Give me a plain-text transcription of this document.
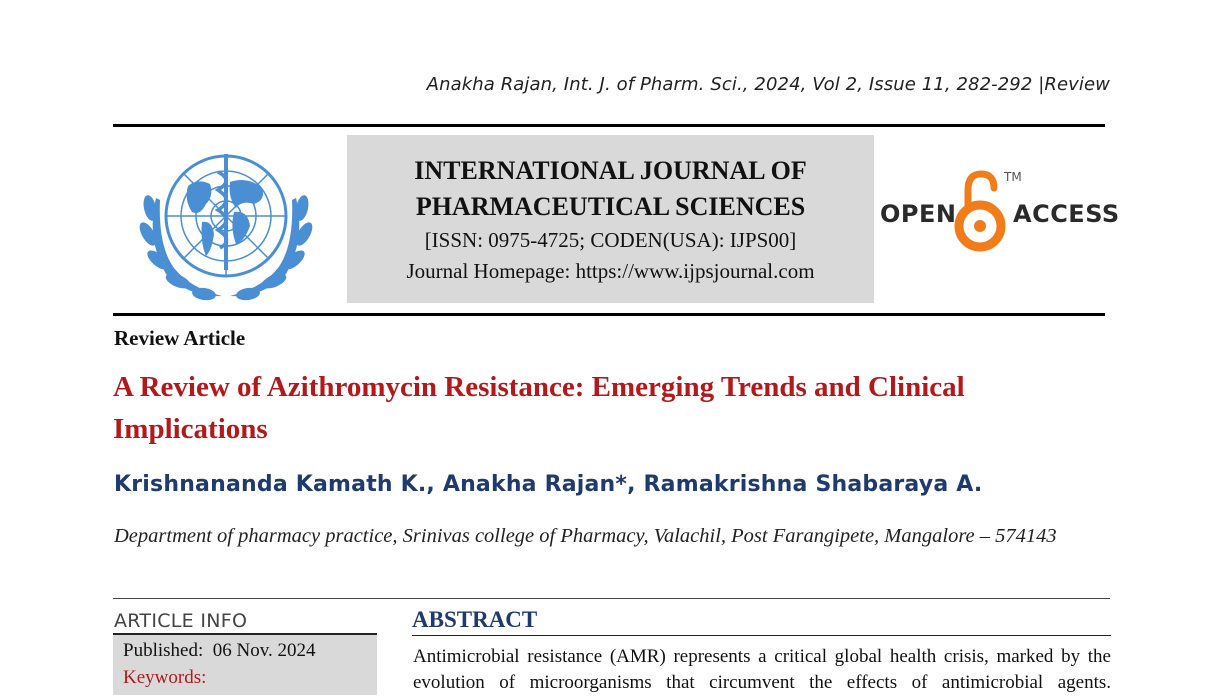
Anakha Rajan, Int. J. of Pharm. Sci., 2024, Vol 2, Issue 11, 282-292 |Review
INTERNATIONAL JOURNAL OF
PHARMACEUTICAL SCIENCES
[ISSN: 0975-4725; CODEN(USA): IJPS00]
Journal Homepage: https://www.ijpsjournal.com
OPEN
TM
ACCESS
Review Article
A Review of Azithromycin Resistance: Emerging Trends and Clinical Implications
Krishnananda Kamath K., Anakha Rajan*, Ramakrishna Shabaraya A.
Department of pharmacy practice, Srinivas college of Pharmacy, Valachil, Post Farangipete, Mangalore – 574143
ARTICLE INFO
Published:  06 Nov. 2024
Keywords:
ABSTRACT
Antimicrobial resistance (AMR) represents a critical global health crisis, marked by the evolution of microorganisms that circumvent the effects of antimicrobial agents.
